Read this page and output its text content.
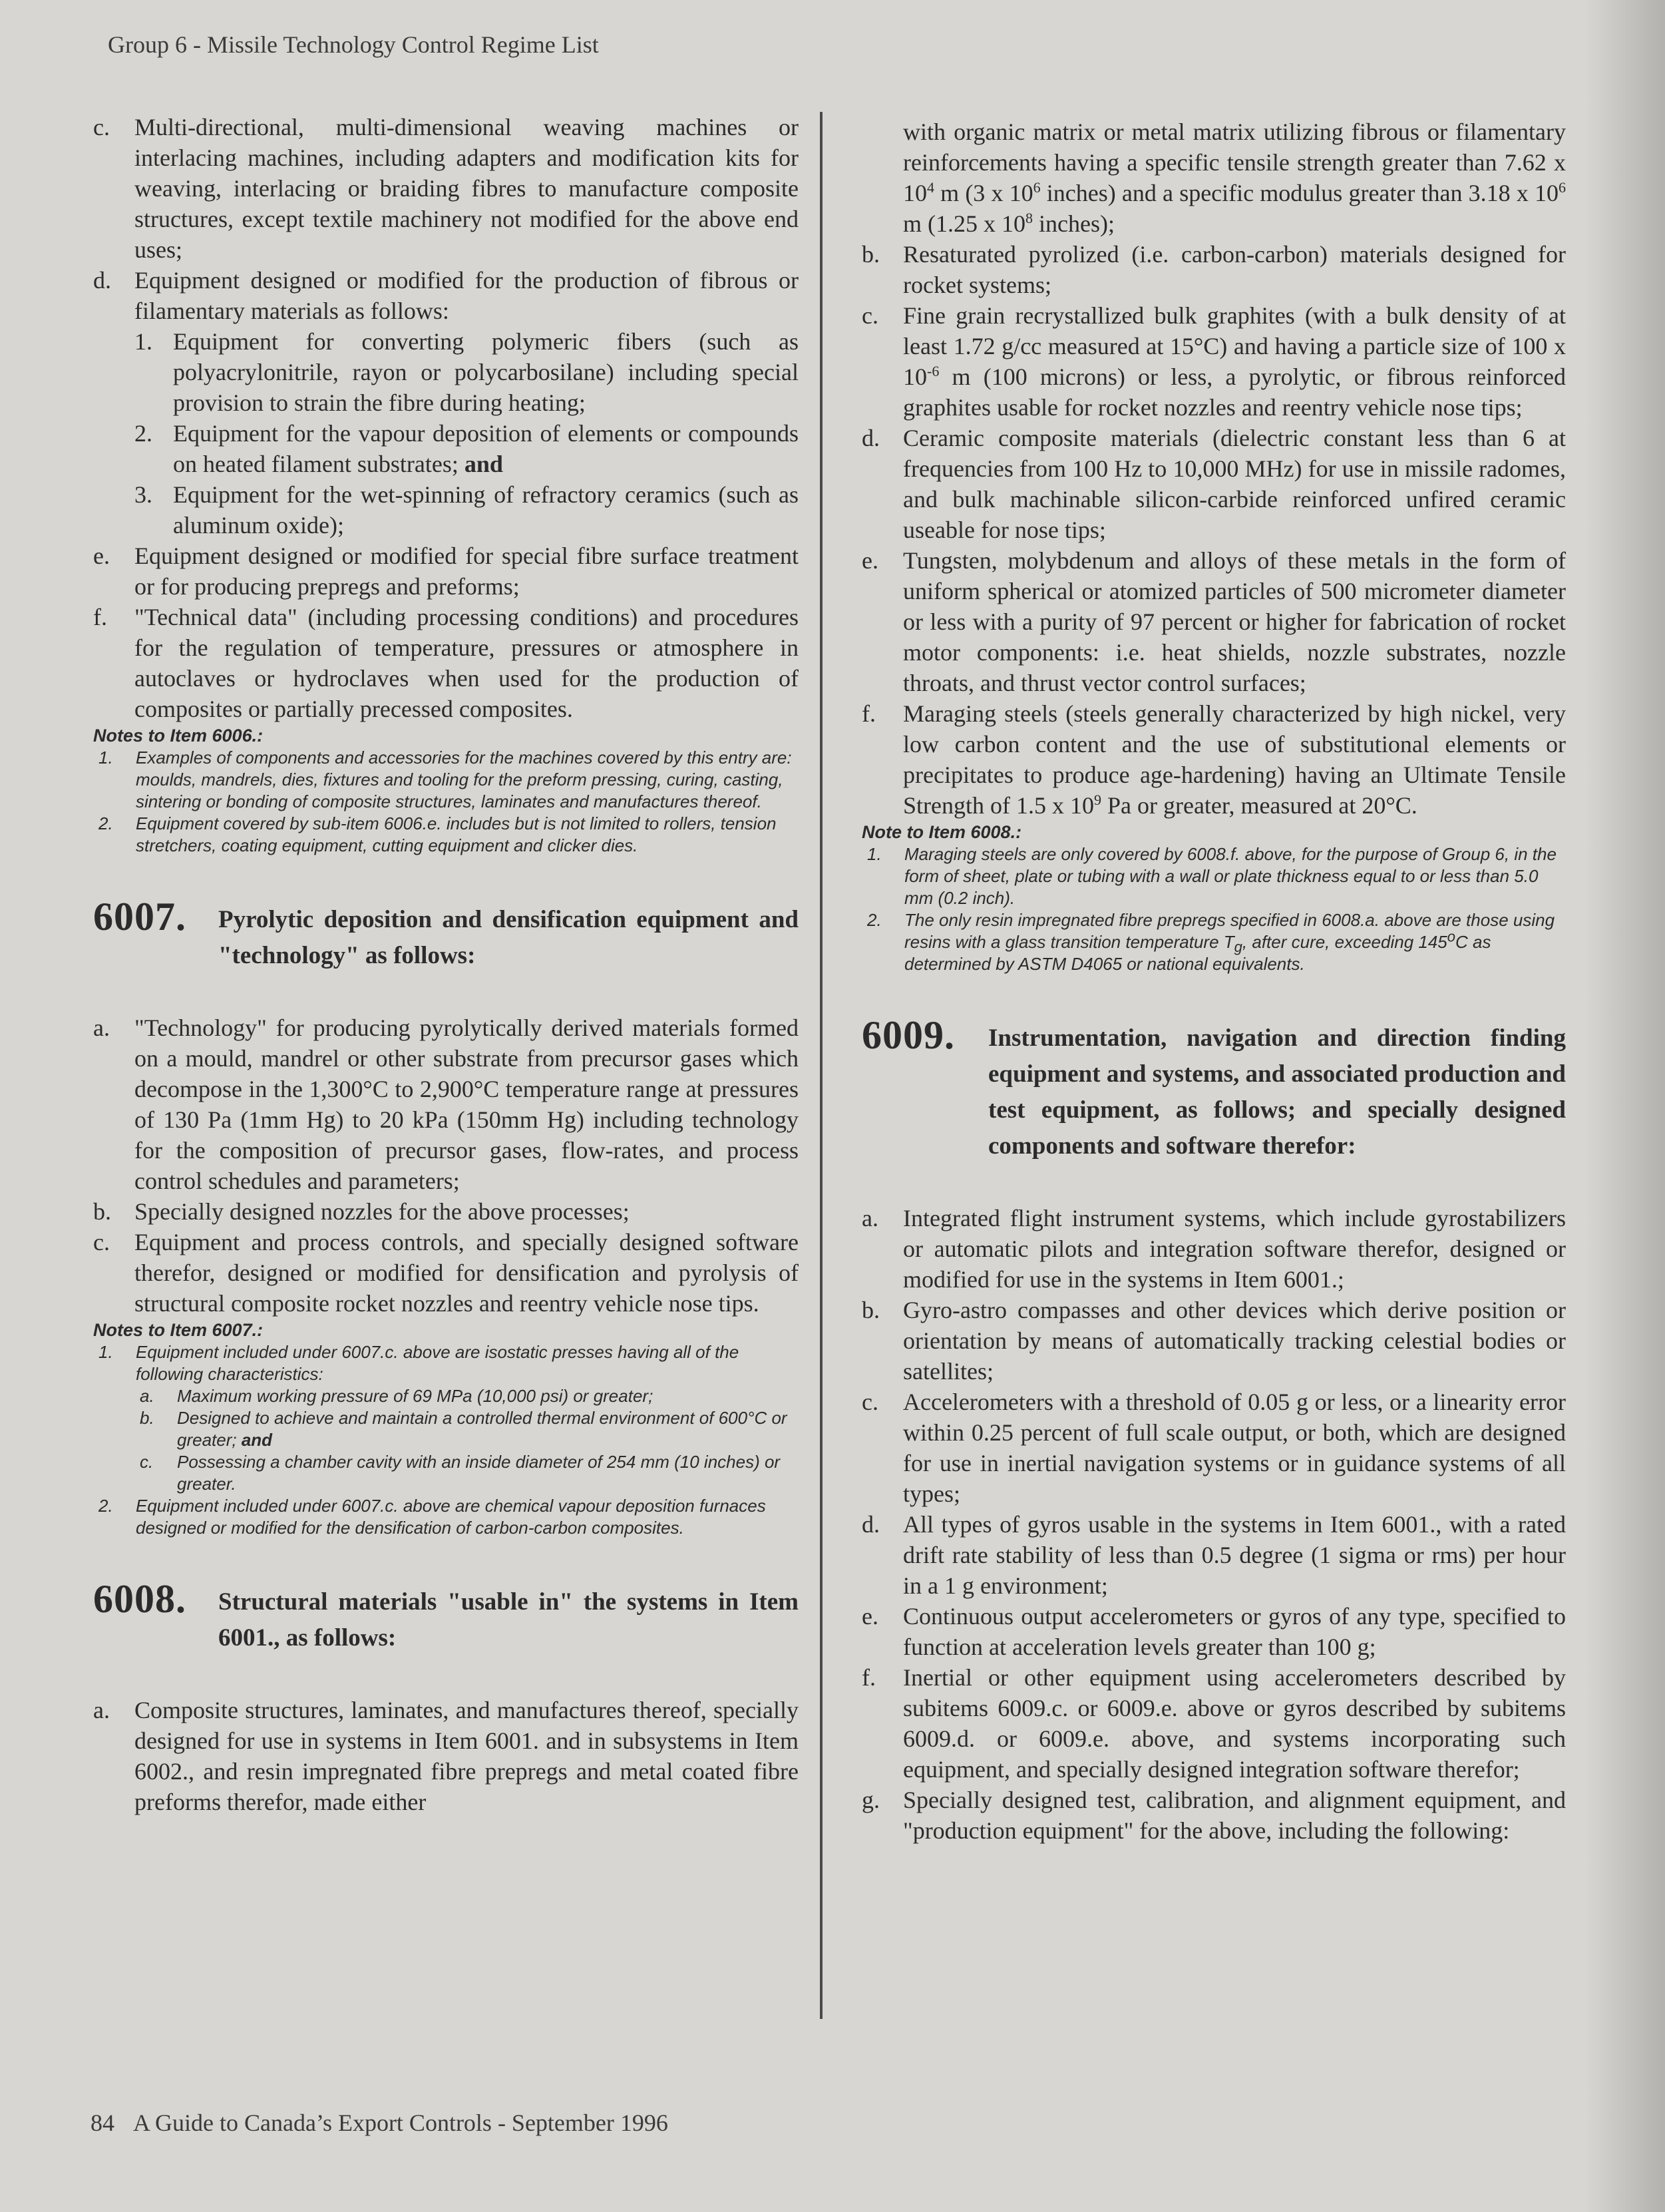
Group 6 - Missile Technology Control Regime List
c.	Multi-directional, multi-dimensional weaving machines or interlacing machines, including adapters and modification kits for weaving, interlacing or braiding fibres to manufacture composite structures, except textile machinery not modified for the above end uses;
d. Equipment designed or modified for the production of fibrous or filamentary materials as follows:
1. Equipment for converting polymeric fibers (such as polyacrylonitrile, rayon or polycarbosilane) including special provision to strain the fibre during heating;
2. Equipment for the vapour deposition of elements or compounds on heated filament substrates; and
3. Equipment for the wet-spinning of refractory ceramics (such as aluminum oxide);
e.	Equipment designed or modified for special fibre surface treatment or for producing prepregs and preforms;
f.	"Technical data" (including processing conditions) and procedures for the regulation of temperature, pressures or atmosphere in autoclaves or hydroclaves when used for the production of composites or partially precessed composites.
Notes to Item 6006.:
1.	Examples of components and accessories for the machines covered by this entry are: moulds, mandrels, dies, fixtures and tooling for the preform pressing, curing, casting, sintering or bonding of composite structures, laminates and manufactures thereof.
2.	Equipment covered by sub-item 6006.e. includes but is not limited to rollers, tension stretchers, coating equipment, cutting equipment and clicker dies.
6007.	Pyrolytic deposition and densification equipment and "technology" as follows:
a.	"Technology" for producing pyrolytically derived materials formed on a mould, mandrel or other substrate from precursor gases which decompose in the 1,300°C to 2,900°C temperature range at pressures of 130 Pa (1mm Hg) to 20 kPa (150mm Hg) including technology for the composition of precursor gases, flow-rates, and process control schedules and parameters;
b. Specially designed nozzles for the above processes;
c.	Equipment and process controls, and specially designed software therefor, designed or modified for densification and pyrolysis of structural composite rocket nozzles and reentry vehicle nose tips.
Notes to Item 6007.:
1.	Equipment included under 6007.c. above are isostatic presses having all of the following characteristics:
a.	Maximum working pressure of 69 MPa (10,000 psi) or greater;
b.	Designed to achieve and maintain a controlled thermal environment of 600°C or greater; and
c.	Possessing a chamber cavity with an inside diameter of 254 mm (10 inches) or greater.
2.	Equipment included under 6007.c. above are chemical vapour deposition furnaces designed or modified for the densification of carbon-carbon composites.
6008.	Structural materials "usable in" the systems in Item 6001., as follows:
a.	Composite structures, laminates, and manufactures thereof, specially designed for use in systems in Item 6001. and in subsystems in Item 6002., and resin impregnated fibre prepregs and metal coated fibre preforms therefor, made either
with organic matrix or metal matrix utilizing fibrous or filamentary reinforcements having a specific tensile strength greater than 7.62 x $10^4$ m (3 x $10^6$ inches) and a specific modulus greater than 3.18 x $10^6$ m (1.25 x $10^8$ inches);
b. Resaturated pyrolized (i.e. carbon-carbon) materials designed for rocket systems;
c.	Fine grain recrystallized bulk graphites (with a bulk density of at least 1.72 g/cc measured at 15°C) and having a particle size of 100 x $10^{-6}$ m (100 microns) or less, a pyrolytic, or fibrous reinforced graphites usable for rocket nozzles and reentry vehicle nose tips;
d. Ceramic composite materials (dielectric constant less than 6 at frequencies from 100 Hz to 10,000 MHz) for use in missile radomes, and bulk machinable silicon-carbide reinforced unfired ceramic useable for nose tips;
e.	Tungsten, molybdenum and alloys of these metals in the form of uniform spherical or atomized particles of 500 micrometer diameter or less with a purity of 97 percent or higher for fabrication of rocket motor components: i.e. heat shields, nozzle substrates, nozzle throats, and thrust vector control surfaces;
f.	Maraging steels (steels generally characterized by high nickel, very low carbon content and the use of substitutional elements or precipitates to produce age-hardening) having an Ultimate Tensile Strength of 1.5 x $10^9$ Pa or greater, measured at 20°C.
Note to Item 6008.:
1.	Maraging steels are only covered by 6008.f. above, for the purpose of Group 6, in the form of sheet, plate or tubing with a wall or plate thickness equal to or less than 5.0 mm (0.2 inch).
2.	The only resin impregnated fibre prepregs specified in 6008.a. above are those using resins with a glass transition temperature $T_g$, after cure, exceeding 145$^o$C as determined by ASTM D4065 or national equivalents.
6009.	Instrumentation, navigation and direction finding equipment and systems, and associated production and test equipment, as follows; and specially designed components and software therefor:
a.	Integrated flight instrument systems, which include gyrostabilizers or automatic pilots and integration software therefor, designed or modified for use in the systems in Item 6001.;
b. Gyro-astro compasses and other devices which derive position or orientation by means of automatically tracking celestial bodies or satellites;
c.	Accelerometers with a threshold of 0.05 g or less, or a linearity error within 0.25 percent of full scale output, or both, which are designed for use in inertial navigation systems or in guidance systems of all types;
d. All types of gyros usable in the systems in Item 6001., with a rated drift rate stability of less than 0.5 degree (1 sigma or rms) per hour in a 1 g environment;
e.	Continuous output accelerometers or gyros of any type, specified to function at acceleration levels greater than 100 g;
f.	Inertial or other equipment using accelerometers described by subitems 6009.c. or 6009.e. above or gyros described by subitems 6009.d. or 6009.e. above, and systems incorporating such equipment, and specially designed integration software therefor;
g. Specially designed test, calibration, and alignment equipment, and "production equipment" for the above, including the following:
84 A Guide to Canada’s Export Controls - September 1996
